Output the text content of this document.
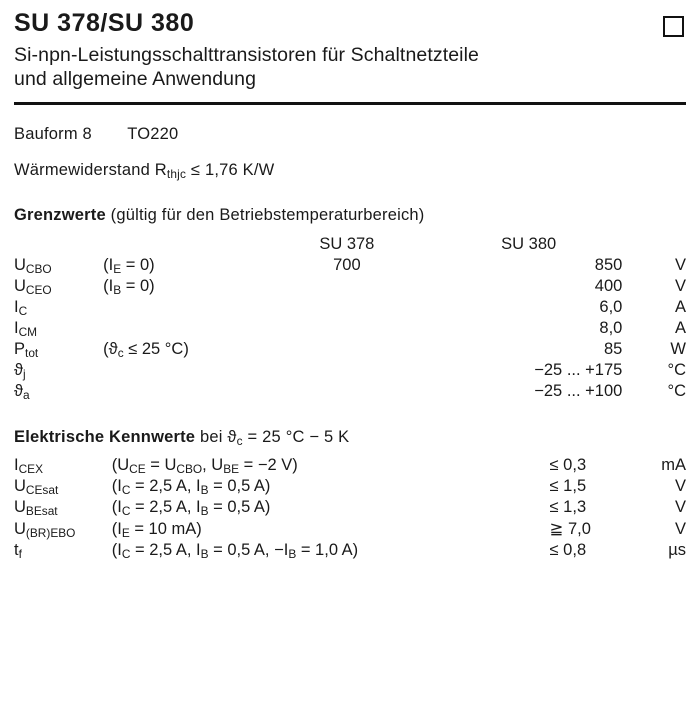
SU 378/SU 380
Si-npn-Leistungsschalttransistoren für Schaltnetzteile
und allgemeine Anwendung
Bauform 8 TO220
Wärmewiderstand $R_{thjc} \le 1,76$ K/W
Grenzwerte (gültig für den Betriebstemperaturbereich)
		SU 378	SU 380	
$U_{CBO}$	$(I_E = 0)$	700	850	V
$U_{CEO}$	$(I_B = 0)$		400	V
$I_C$			6,0	A
$I_{CM}$			8,0	A
$P_{tot}$	($ϑ_c \le 25$ °C)		85	W
$ϑ_j$			−25 ... +175	°C
$ϑ_a$			−25 ... +100	°C
Elektrische Kennwerte bei $ϑ_c = 25$ °C − 5 K
$I_{CEX}$	($U_{CE} = U_{CBO}$, $U_{BE} = -2$ V)	≤ 0,3	mA
$U_{CEsat}$	($I_C = 2,5$ A, $I_B = 0,5$ A)	≤ 1,5	V
$U_{BEsat}$	($I_C = 2,5$ A, $I_B = 0,5$ A)	≤ 1,3	V
$U_{(BR)EBO}$	($I_E = 10$ mA)	≧ 7,0	V
$t_f$	($I_C = 2,5$ A, $I_B = 0,5$ A, $-I_B = 1,0$ A)	≤ 0,8	µs
